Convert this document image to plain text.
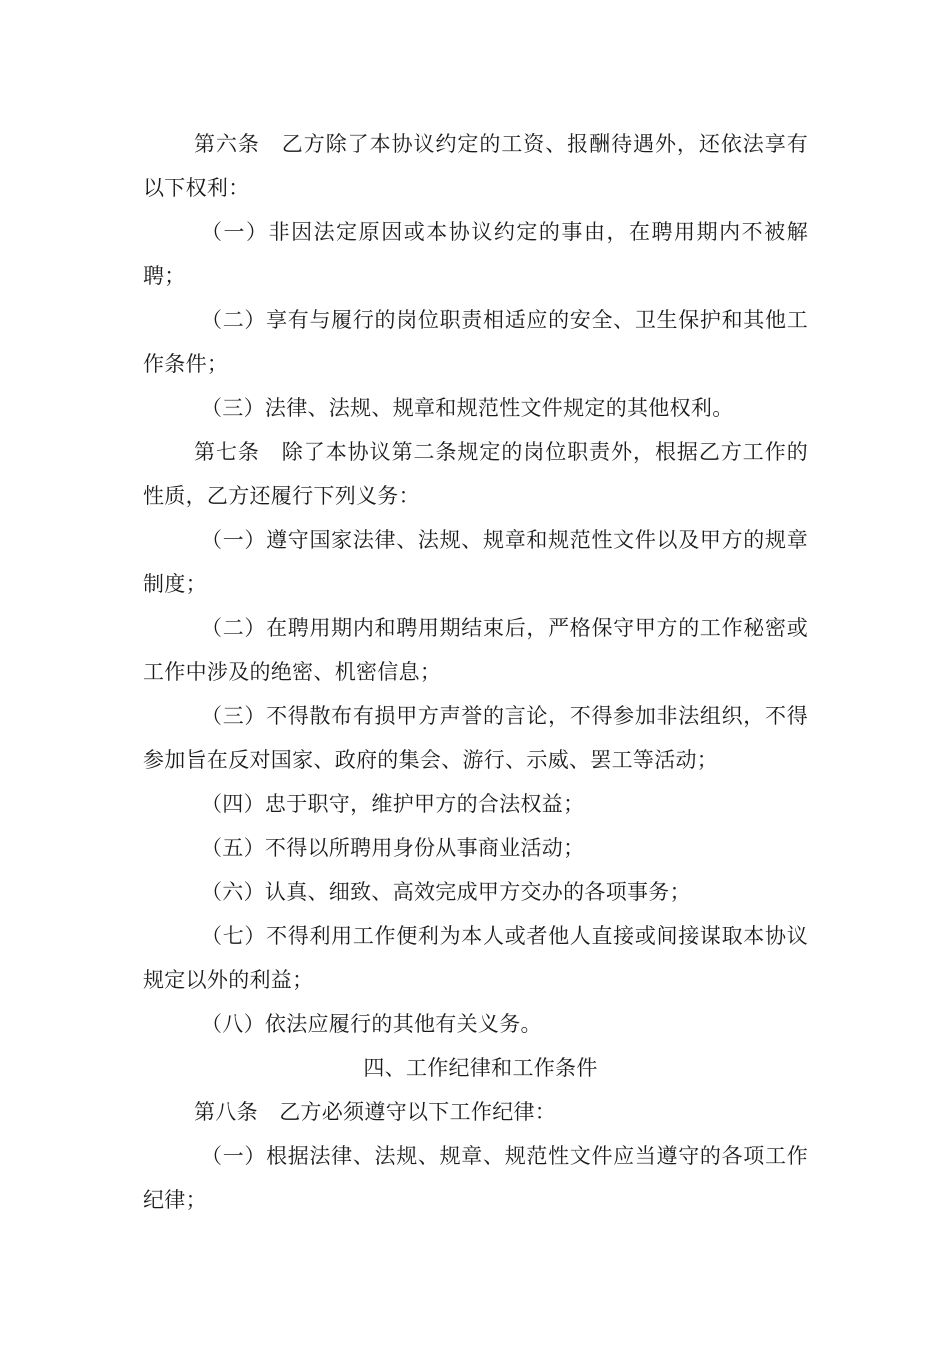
第六条　乙方除了本协议约定的工资、报酬待遇外，还依法享有以下权利：

（一）非因法定原因或本协议约定的事由，在聘用期内不被解聘；

（二）享有与履行的岗位职责相适应的安全、卫生保护和其他工作条件；

（三）法律、法规、规章和规范性文件规定的其他权利。

第七条　除了本协议第二条规定的岗位职责外，根据乙方工作的性质，乙方还履行下列义务：

（一）遵守国家法律、法规、规章和规范性文件以及甲方的规章制度；

（二）在聘用期内和聘用期结束后，严格保守甲方的工作秘密或工作中涉及的绝密、机密信息；

（三）不得散布有损甲方声誉的言论，不得参加非法组织，不得参加旨在反对国家、政府的集会、游行、示威、罢工等活动；

（四）忠于职守，维护甲方的合法权益；

（五）不得以所聘用身份从事商业活动；

（六）认真、细致、高效完成甲方交办的各项事务；

（七）不得利用工作便利为本人或者他人直接或间接谋取本协议规定以外的利益；

（八）依法应履行的其他有关义务。

四、工作纪律和工作条件

第八条　乙方必须遵守以下工作纪律：

（一）根据法律、法规、规章、规范性文件应当遵守的各项工作纪律；
